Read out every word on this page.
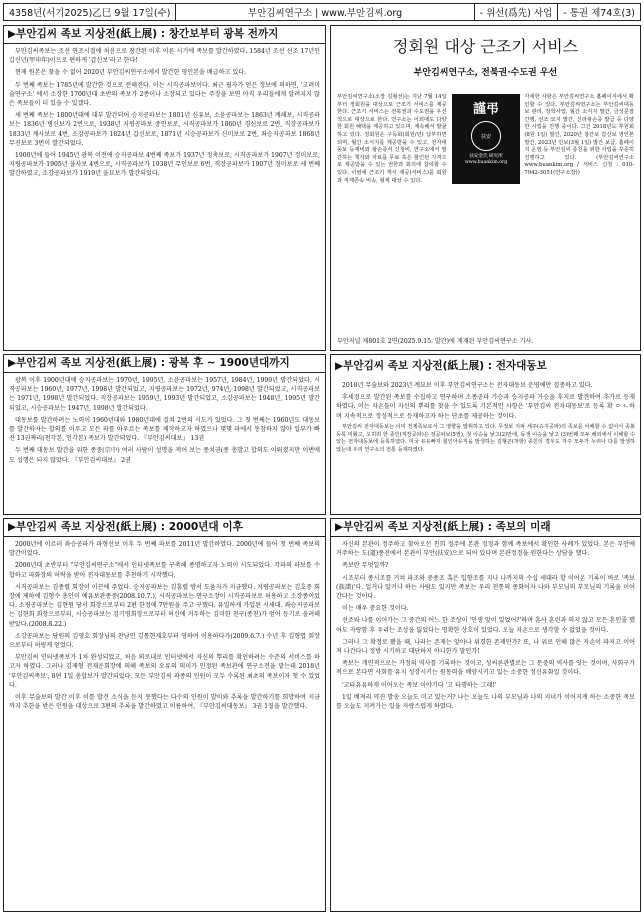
4358년(서기2025)乙巳 9월 17일(수)	부안김씨연구소 | www.부안김씨.org	- 위선(爲先) 사업	- 통권 제74호(3)
▶부안김씨 족보 지상전(紙上展) : 창간보부터 광복 전까지

부안김씨족보는 조선 연조시절에 처음으로 창간된 이후 이른 시기에 족보를 발간하였다. 1584년 조선 선조 17년인 갑신년(甲申年)이므로 편하게 '갑신보'라고 한다!

현재 원본은 찾을 수 없어 2020년 부안김씨연구소에서 발간한 영인본을 배급하고 있다.

두 번째 족보는 1785년에 발간한 것으로 전해진다. 이는 시직공파보이다. 최근 필자가 얻은 정보에 의하면, '고려미술연구소' 에서 소장한 1700년대 초반의 족보가 2종이나 소장되고 있다는 주장을 보면 아직 우리들에게 알려지지 않은 족보들이 더 있을 수 있겠다.

세 번째 족보는 1800년대에 대부 발간되어 승지공파보는 1801년 신유보, 소윤공파보는 1863년 계해보, 시직공파보는 1836년 병신보가 2번으로, 1938년 지평공파보 중인보로, 시직공파보가 1860년 경신보로 2번, 직장공파보가 1833년 계사보로 4번, 소강공파보가 1824년 갑신보로, 1871년 시승공파보가 신미보로 2번, 좌승지공파보 1868년 무진보로 3번이 발간되었다.

1900년에 들어 1945년 광복 이전에 승지공파보 4번째 족보가 1937년 정축보로, 시직공파보가 1907년 정미보로, 지평공파보가 1905년 을사보 4번으로, 시직공파보가 1938년 무인보로 6번, 직장공파보가 1907년 정미보로 세 번째 발간하였고, 소강공파보가 1919년 을묘보가 발간되었다.

정회원 대상 근조기 서비스
부안김씨연구소, 전북권·수도권 우선
부안김씨연구소(소장 김형선)는 지난 7월 14일부터 정회원을 대상으로 근조기 서비스를 제공한다. 근조기 서비스는 전북권과 수도권을 우선적으로 대상으로 한다. 연구소는 이외에도 다양한 회원 혜택을 제공하고 있으며, 계속해서 발굴하고 있다. 정회원은 구독회(회원/년) 납부하면 되며, 월간 소식지를 제공받을 수 있고, 전자대동보 등재비와 왕손증서 신청비, 연구소에서 발간하는 책자와 자료를 무료 혹은 할인된 가격으로 제공받을 수 있는 권한과 회의에 참여할 수 있다. 이번에 근조기 게시 재공(서비스)를 회원과 직계존속 비속, 형제 대상 수 있다.
자세한 사항은 부안김씨연구소 홈페이지에서 확인할 수 있다. 부안김씨연구소는 부안김씨대동보 관리, 장학사업, 월간 소식지 발간, 금성문장 간행, 선조 묘지 발간, 신라왕손증 발급 등 다양한 사업을 진행 중이다. 그간 2018년도 후원회(8원 1일) 발간, 2020년 창간보 갑신보 영인본 발간, 2023년 인보(3월 1일) 발간 보급, 흠페이지 운영 등 부안김씨 종친을 위한 사업을 꾸준히 진행하고 있다. (부안김씨연구소 www.buankim.org / 서비스 신청 : 010-7942-3051(연구소장))
謹弔
扶安
扶安金氏 研究所
www.buankim.org
부안저널 제801호 2면(2025.9.15. 발간)에 게재된 부안김씨연구소 기사.
▶부안김씨 족보 지상전(紙上展) : 광복 후 ~ 1900년대까지

광복 이후 1900년대에 승지공파보는 1970년, 1995년, 소윤공파보는 1957년, 1984년, 1999년 발간되었다. 시직공파보는 1960년, 1977년, 1998년 발간되었고, 지평공파보는 1972년, 974년, 1998년 발간되었고, 시직공파보는 1971년, 1998년 발간되었다. 직장공파보는 1959년, 1993년 발간되었고, 소강공파보는 1948년, 1995년 발간되었고, 시승공파보는 1947년, 1998년 발간되었다.

대동보를 발간하려는 노력이 1960년대와 1980년대에 걸쳐 2번의 시도가 있었다. 그 첫 번째는 1960년도 대동보를 발간하자는 합의를 이루고 모든 파를 아우르는 족보를 제작하고자 하였으나 몇몇 파에서 동참하지 않아 일부가 빠진 13권짜리(천각본, 인각본) 족보가 발간되었다. 『부안김씨대보』 13권

두 번째 대동보 발간을 위한 종중(宗中) 여러 사람이 성명을 적어 보는 종치권(종 총발고 합의도 이뤄졌지만 이번에도 성행은 되지 않았다. 『부안김씨대보』 2권

▶부안김씨 족보 지상전(紙上展) : 전자대동보

2018년 무술보와 2023년 계묘보 이후 부안김씨연구소는 전자대동보 운영에만 집중하고 있다.

후세정으로 발간된 족보를 수집하고 연구하며 소종공파 가승과 승지공파 가승을 후지로 발견하여 추가로 등재하였다. 이는 자손들이 자신의 뿌리를 찾을 수 있도록 기본적인 사항은 '부안김씨 전자대동보'로 등록 확 ㅇ ㄴ하며 지속적으로 정성적으로 등재하고자 하는 단초를 제공하는 것이다.

부안김씨 전자대동보는 이미 전제족보로서 그 영향을 발휘하고 있다. 무정보 지파 세주(승지공파)의 족보를 이해할 수 없어서 종봉 등록 미뤘고, 오히려 한 종인(직장공파)은 정공파보(5권), 첫 이승을 낳고(2)만에, 동생 이승을 낳고 (3)번째 모두 해외에서 이해할 수 있는 전자대동보에 등록하였다. 미국 유유빠지 힐인아유직을 발생하는 김형곤(처항) 종친의 경우도 자주 모두가 누리나 다를 발생하였는데 우리 연구소의 전통 등재하였다.

▶부안김씨 족보 지상전(紙上展) : 2000년대 이후

2000년에 이르러 좌승공파가 파형선보 이후 두 번째 파보를 2011년 발간하였다. 2000년에 들어 첫 번째 족보의 발간이었다.

2000년대 초반부터 "부안김씨연구소"에서 인터넷족보를 구축해 종명하고자 노력이 시도되었다. 각파의 파보를 수합하고 파화장의 허락을 받아 전자대동보를 추천하기 시작했다.

시직공파보는 김종렬 회장이 이끈에 주었다. 승지공파보는 김흥렬 방서 도움자가 지금했다. 지평공파보는 김호중 회장에 제하에 김형수 총인이 예유보관종중(2008.10.7.), 시직공파보는 연구소장이 시직공파보로 허용하고 소장종이었다. 소평공파보는 김현원 당서 회장으로부터 2편 한정에 7만원을 주고 구했다. 유일하게 가입된 시세대. 좌승지공파보는 김현회 회장으로부터, 시승공파보는 김기영회장으로부터 허신에 거두하는 김미한 친구(종친)가 얻어 등기로 올려해 받았다.(2008.8.22.)

소강공파보는 당원의 김영호 회장님의 찬남인 김통현제호부터 영하여 이용하다가(2009.6.7.) 수년 후 김형엽 회장으로부터 허링게 얻었다.

부안김씨 인터넷족보가 1차 완성되었고, 처음 외로내로 인터넷에서 자신의 뿌리를 확인하려는 수준의 서비스를 하고자 하였다. 그러나 김재형 전재운회장에 의해 족보의 오류의 의미가 인정된 족보관에 연구소전을 맡는데 2018년 '부안김씨족보', 8편 1일 총합보가 발간되었다. 모든 부안김씨 파종의 인원이 모두 수록된 최초의 족보이자 첫 수 있었다.

이후 무술보의 발간 이후 이를 발견 소식을 듣지 못했다는 다수의 인원이 발이와 추록을 발간하기를 희망하여 지금까지 추한을 받은 인원을 대상으로 3편의 추록을 발간하였고 이름하여, 『부안김씨대동보』 3권 1질을 발간했다.

▶부안김씨 족보 지상전(紙上展) : 족보의 미래

자신의 본관이 정주하고 찾아오신 친희 정주에 본관 정정과 함께 족보에서 확인한 사례가 있었다. 본은 부안에 거주하는 도(道)풍전에서 본관이 부안(扶安)으로 되어 있다며 본관정정을 원한다는 상담을 했다.

족보란 무엇일까?

시조부터 종시조를 거쳐 파조와 중종조 혹은 입향조를 지나 나까지의 수십 세대라 할 이어온 기록이 바로 '족보(族譜)'다. 일거나 알거나 하는 사람도 있지만 족보는 우리 전통의 종화이자 나와 부모님의 부모님의 기록을 이어간다는 것이다.

이는 매우 중요한 것이다.

선조와 나를 이어가는 그 중간의 어느 한 조상이 '인생 앞이 있었어?'하며 훈사 혼린과 의지 않고 모든 혼인줄 했어도 자랑함 후 우리는 조상을 잃었다는 명확한 상호이 있었다. 오늘 자손으로 생각할 수 없었을 것이다.

그러나 그 확정로 봤을 때, 나라는 존재는 앞아나 위경한 존재인가? 또, 나 위로 인해 많은 자손이 파지고 이어져 나간다니 정방 시기하고 대단하지 아니한가 말인가!

족보는 개인적으로는 가정의 역사를 기록하는 것이고, 성씨론관별로는 그 문중의 역사를 잇는 것이며, 사회구가적으로 본다면 사회를 유지 성장시키는 원동력을 배양시키고 있는 소중한 정신유화일 것이다.

'고타유유하게 이어오는 족보 이야기다 '고 타행하는 그래!'

1일 배져리 약진 발송 오늘도 미고 있는거? 나는 오늘도 나의 부모님과 나의 지녀가 이어지게 하는 소중한 족보를 오늘도 지켜가는 일을 자랑스럽게 하였다.
